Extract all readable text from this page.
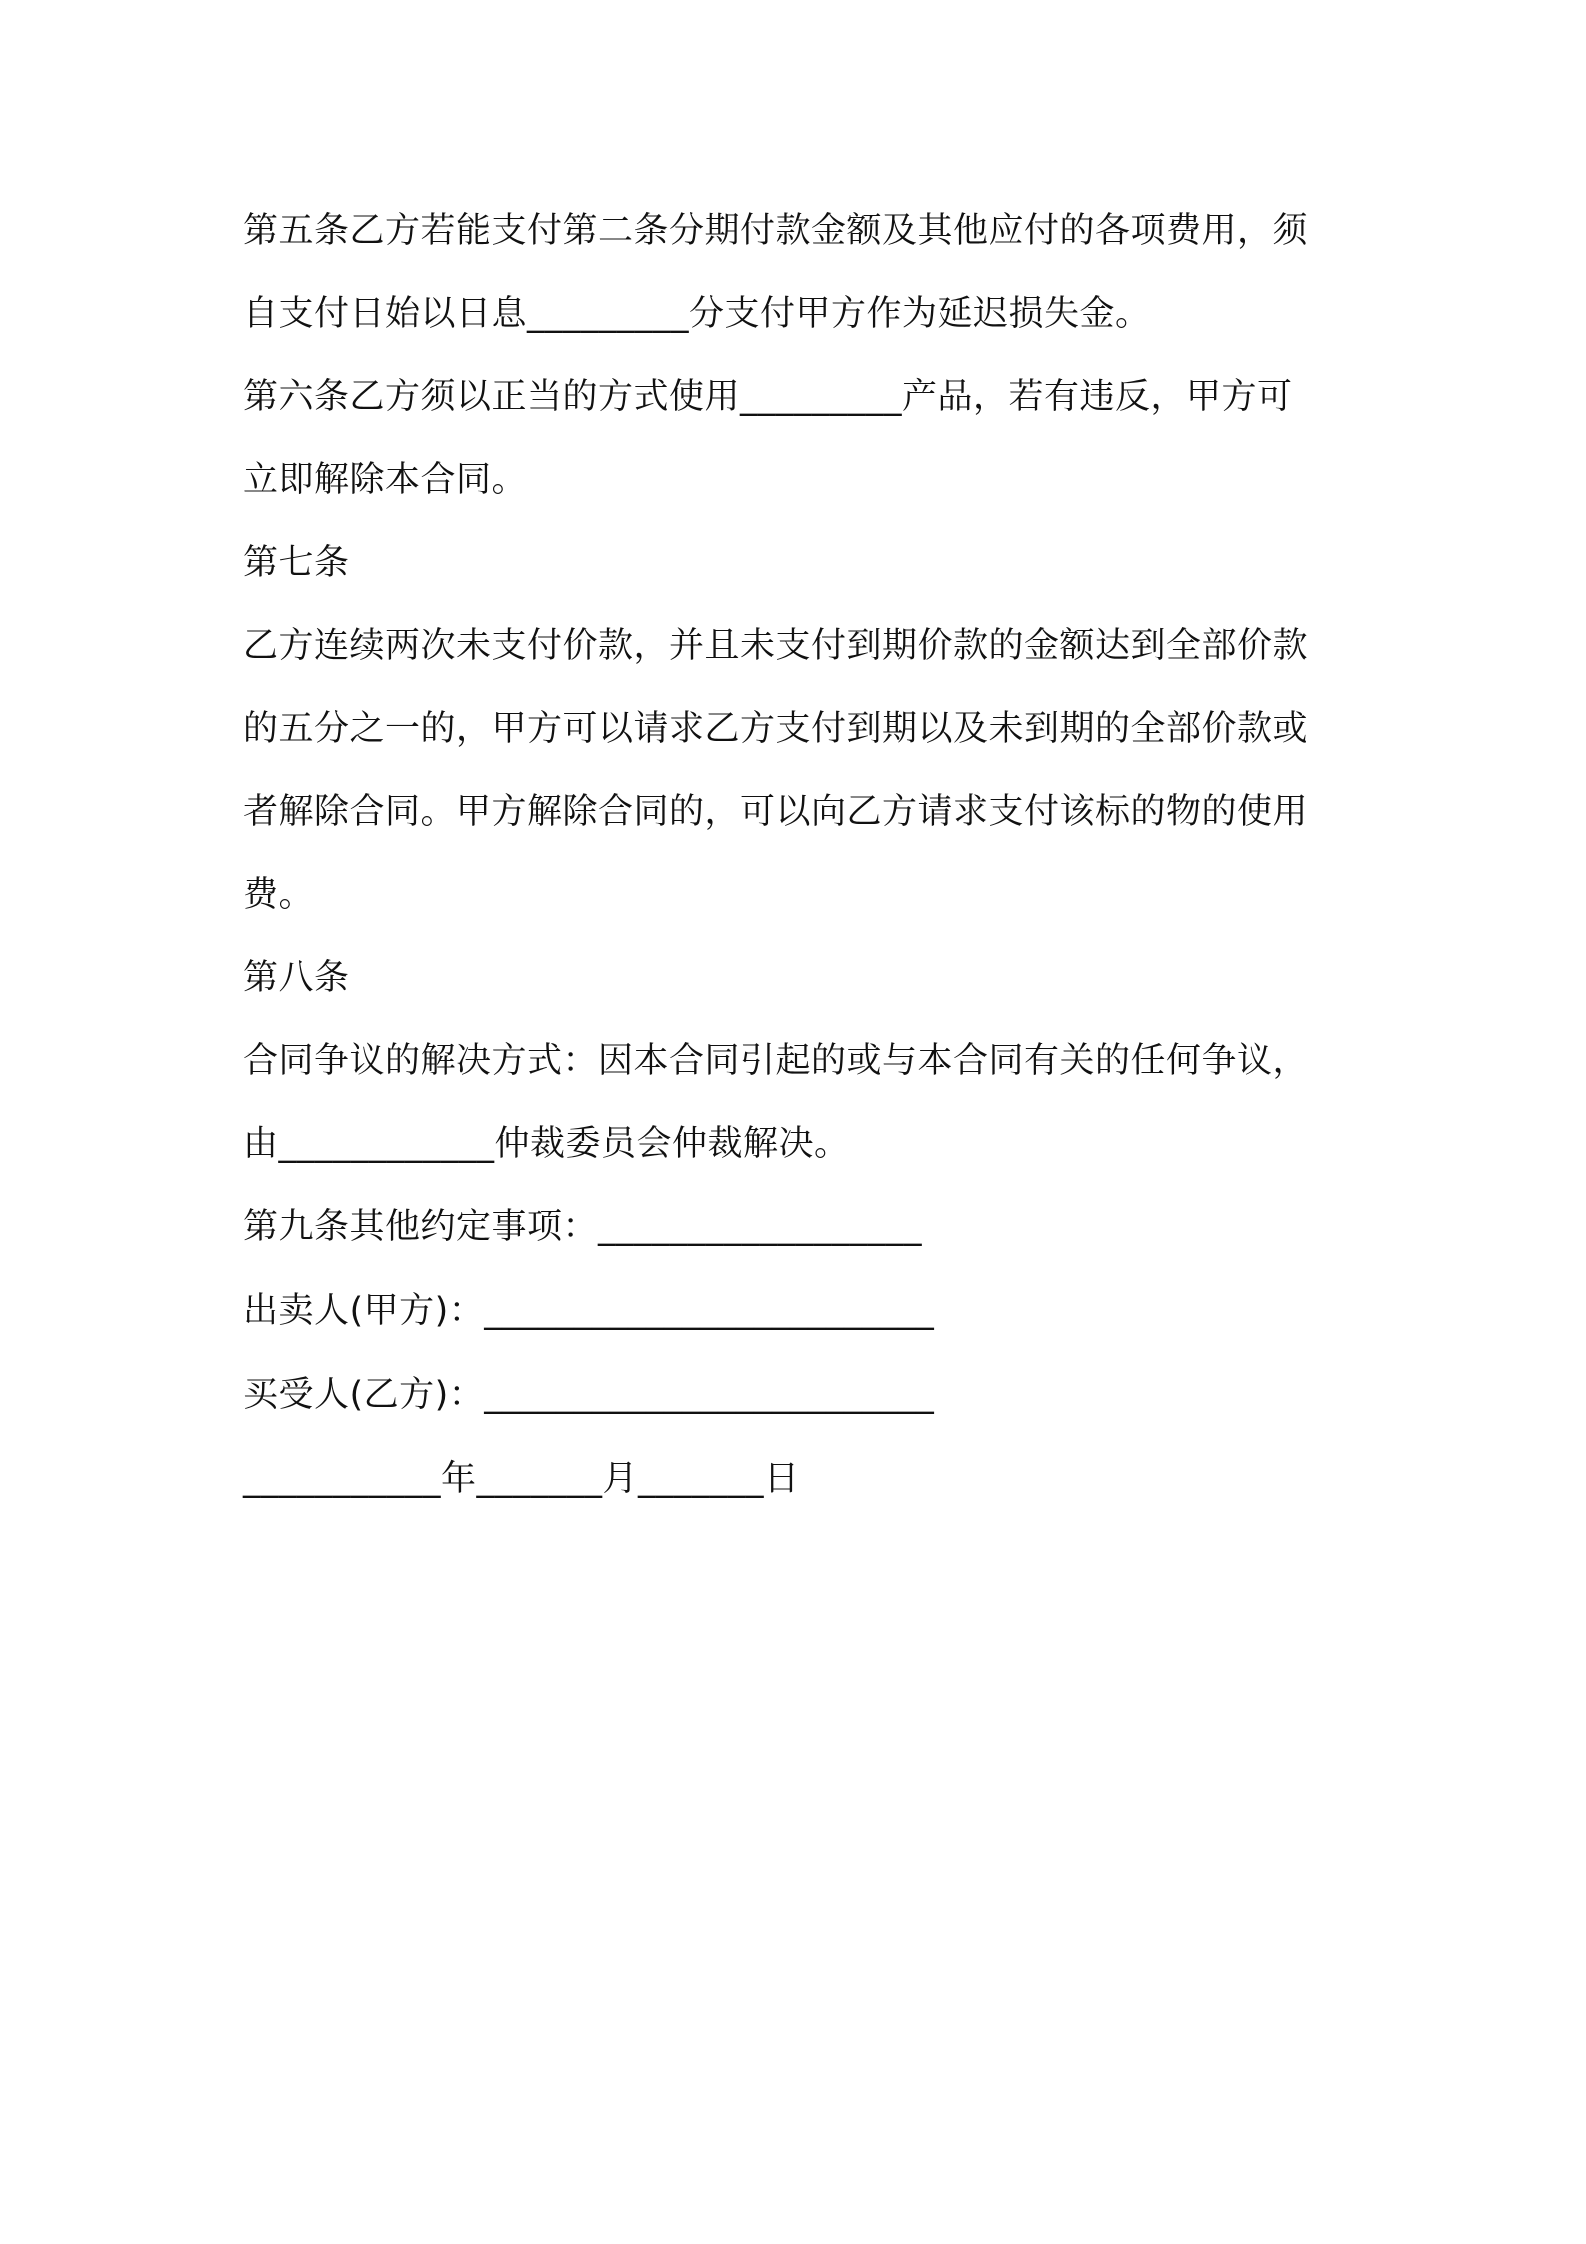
第五条乙方若能支付第二条分期付款金额及其他应付的各项费用，须
自支付日始以日息_________分支付甲方作为延迟损失金。
第六条乙方须以正当的方式使用_________产品，若有违反，甲方可
立即解除本合同。
第七条
乙方连续两次未支付价款，并且未支付到期价款的金额达到全部价款
的五分之一的，甲方可以请求乙方支付到期以及未到期的全部价款或
者解除合同。甲方解除合同的，可以向乙方请求支付该标的物的使用
费。
第八条
合同争议的解决方式：因本合同引起的或与本合同有关的任何争议，
由____________仲裁委员会仲裁解决。
第九条其他约定事项：__________________
出卖人(甲方)：_________________________
买受人(乙方)：_________________________
___________年_______月_______日
